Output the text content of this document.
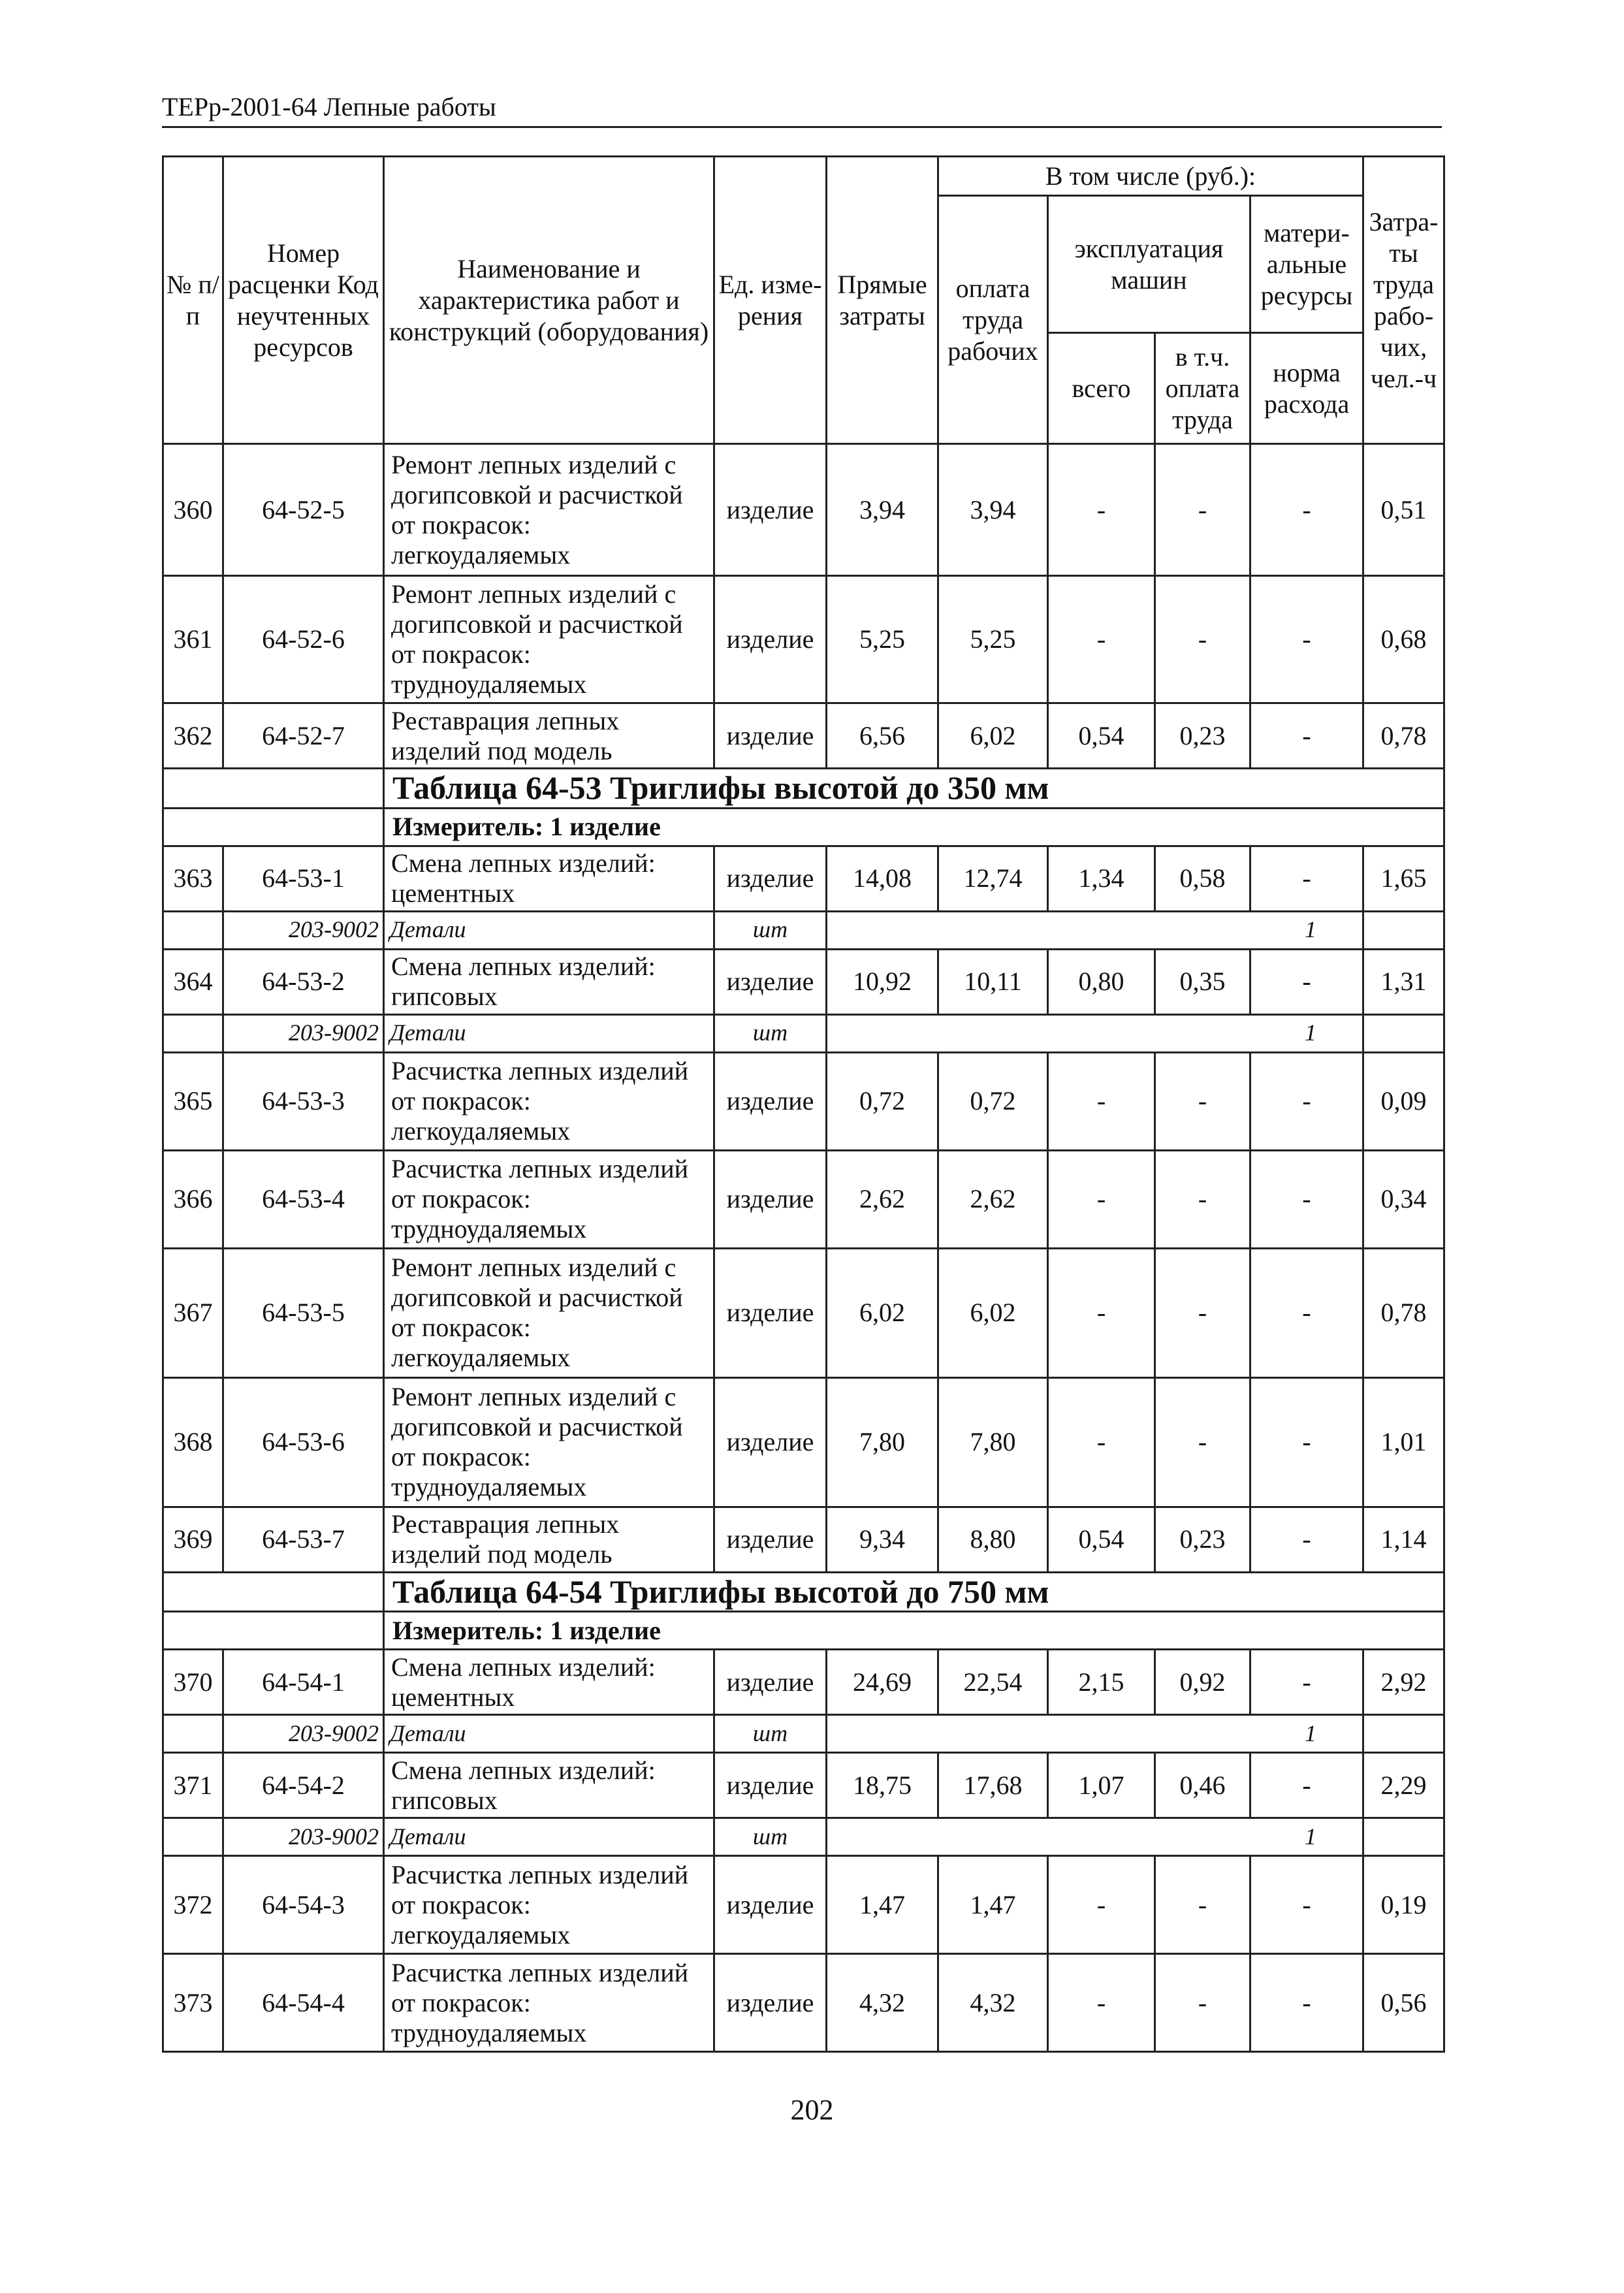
ТЕРр-2001-64 Лепные работы
№ п/п	Номер расценки Код неучтенных ресурсов	Наименование и характеристика работ и конструкций (оборудования)	Ед. изме-рения	Прямые затраты	В том числе (руб.):				Затра-ты труда рабо-чих, чел.-ч
					оплата труда рабочих	эксплуатация машин		матери-альные ресурсы	
						всего	в т.ч. оплата труда	норма расхода	
360	64-52-5	Ремонт лепных изделий с догипсовкой и расчисткой от покрасок: легкоудаляемых	изделие	3,94	3,94	-	-	-	0,51
361	64-52-6	Ремонт лепных изделий с догипсовкой и расчисткой от покрасок: трудноудаляемых	изделие	5,25	5,25	-	-	-	0,68
362	64-52-7	Реставрация лепных изделий под модель	изделие	6,56	6,02	0,54	0,23	-	0,78
		Таблица 64-53 Триглифы высотой до 350 мм							
		Измеритель: 1 изделие							
363	64-53-1	Смена лепных изделий: цементных	изделие	14,08	12,74	1,34	0,58	-	1,65
	203-9002	Детали	шт	1					
364	64-53-2	Смена лепных изделий: гипсовых	изделие	10,92	10,11	0,80	0,35	-	1,31
	203-9002	Детали	шт	1					
365	64-53-3	Расчистка лепных изделий от покрасок: легкоудаляемых	изделие	0,72	0,72	-	-	-	0,09
366	64-53-4	Расчистка лепных изделий от покрасок: трудноудаляемых	изделие	2,62	2,62	-	-	-	0,34
367	64-53-5	Ремонт лепных изделий с догипсовкой и расчисткой от покрасок: легкоудаляемых	изделие	6,02	6,02	-	-	-	0,78
368	64-53-6	Ремонт лепных изделий с догипсовкой и расчисткой от покрасок: трудноудаляемых	изделие	7,80	7,80	-	-	-	1,01
369	64-53-7	Реставрация лепных изделий под модель	изделие	9,34	8,80	0,54	0,23	-	1,14
		Таблица 64-54 Триглифы высотой до 750 мм							
		Измеритель: 1 изделие							
370	64-54-1	Смена лепных изделий: цементных	изделие	24,69	22,54	2,15	0,92	-	2,92
	203-9002	Детали	шт	1					
371	64-54-2	Смена лепных изделий: гипсовых	изделие	18,75	17,68	1,07	0,46	-	2,29
	203-9002	Детали	шт	1					
372	64-54-3	Расчистка лепных изделий от покрасок: легкоудаляемых	изделие	1,47	1,47	-	-	-	0,19
373	64-54-4	Расчистка лепных изделий от покрасок: трудноудаляемых	изделие	4,32	4,32	-	-	-	0,56
202
